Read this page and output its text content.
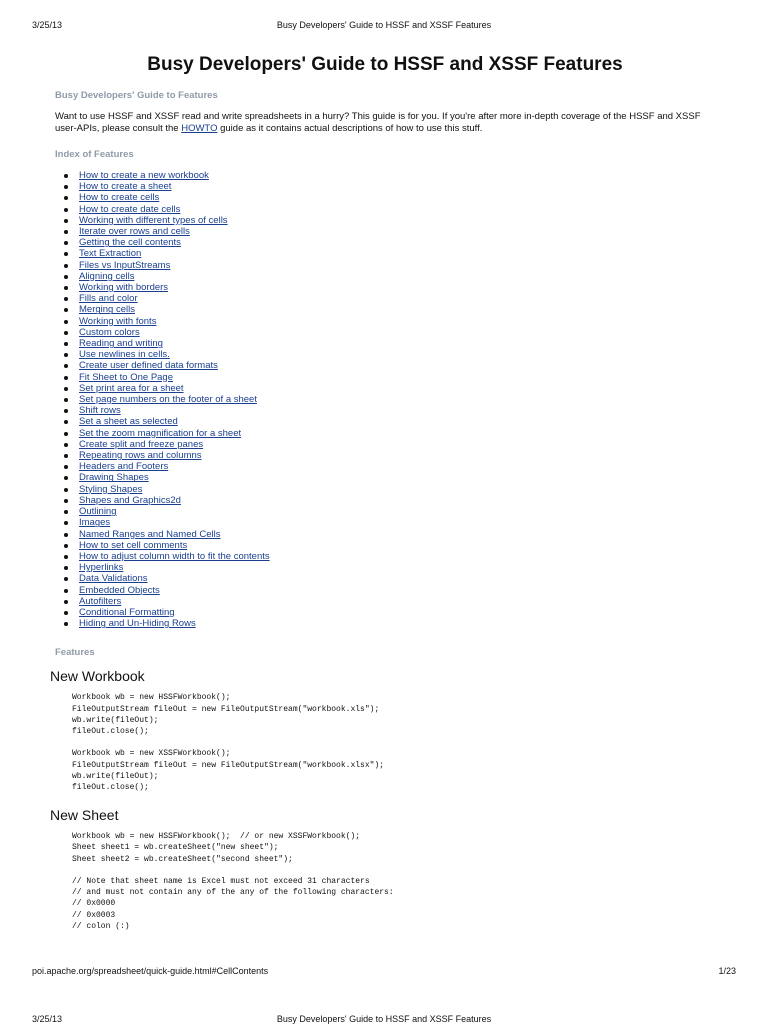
3/25/13	Busy Developers' Guide to HSSF and XSSF Features
Busy Developers' Guide to HSSF and XSSF Features
Busy Developers' Guide to Features

Want to use HSSF and XSSF read and write spreadsheets in a hurry? This guide is for you. If you're after more in-depth coverage of the HSSF and XSSF user-APIs, please consult the HOWTO guide as it contains actual descriptions of how to use this stuff.

Index of Features
How to create a new workbook
How to create a sheet
How to create cells
How to create date cells
Working with different types of cells
Iterate over rows and cells
Getting the cell contents
Text Extraction
Files vs InputStreams
Aligning cells
Working with borders
Fills and color
Merging cells
Working with fonts
Custom colors
Reading and writing
Use newlines in cells.
Create user defined data formats
Fit Sheet to One Page
Set print area for a sheet
Set page numbers on the footer of a sheet
Shift rows
Set a sheet as selected
Set the zoom magnification for a sheet
Create split and freeze panes
Repeating rows and columns
Headers and Footers
Drawing Shapes
Styling Shapes
Shapes and Graphics2d
Outlining
Images
Named Ranges and Named Cells
How to set cell comments
How to adjust column width to fit the contents
Hyperlinks
Data Validations
Embedded Objects
Autofilters
Conditional Formatting
Hiding and Un-Hiding Rows
Features
New Workbook
Workbook wb = new HSSFWorkbook();
FileOutputStream fileOut = new FileOutputStream("workbook.xls");
wb.write(fileOut);
fileOut.close();

Workbook wb = new XSSFWorkbook();
FileOutputStream fileOut = new FileOutputStream("workbook.xlsx");
wb.write(fileOut);
fileOut.close();
New Sheet
Workbook wb = new HSSFWorkbook();  // or new XSSFWorkbook();
Sheet sheet1 = wb.createSheet("new sheet");
Sheet sheet2 = wb.createSheet("second sheet");

// Note that sheet name is Excel must not exceed 31 characters
// and must not contain any of the any of the following characters:
// 0x0000
// 0x0003
// colon (:)
poi.apache.org/spreadsheet/quick-guide.html#CellContents	1/23
3/25/13	Busy Developers' Guide to HSSF and XSSF Features
